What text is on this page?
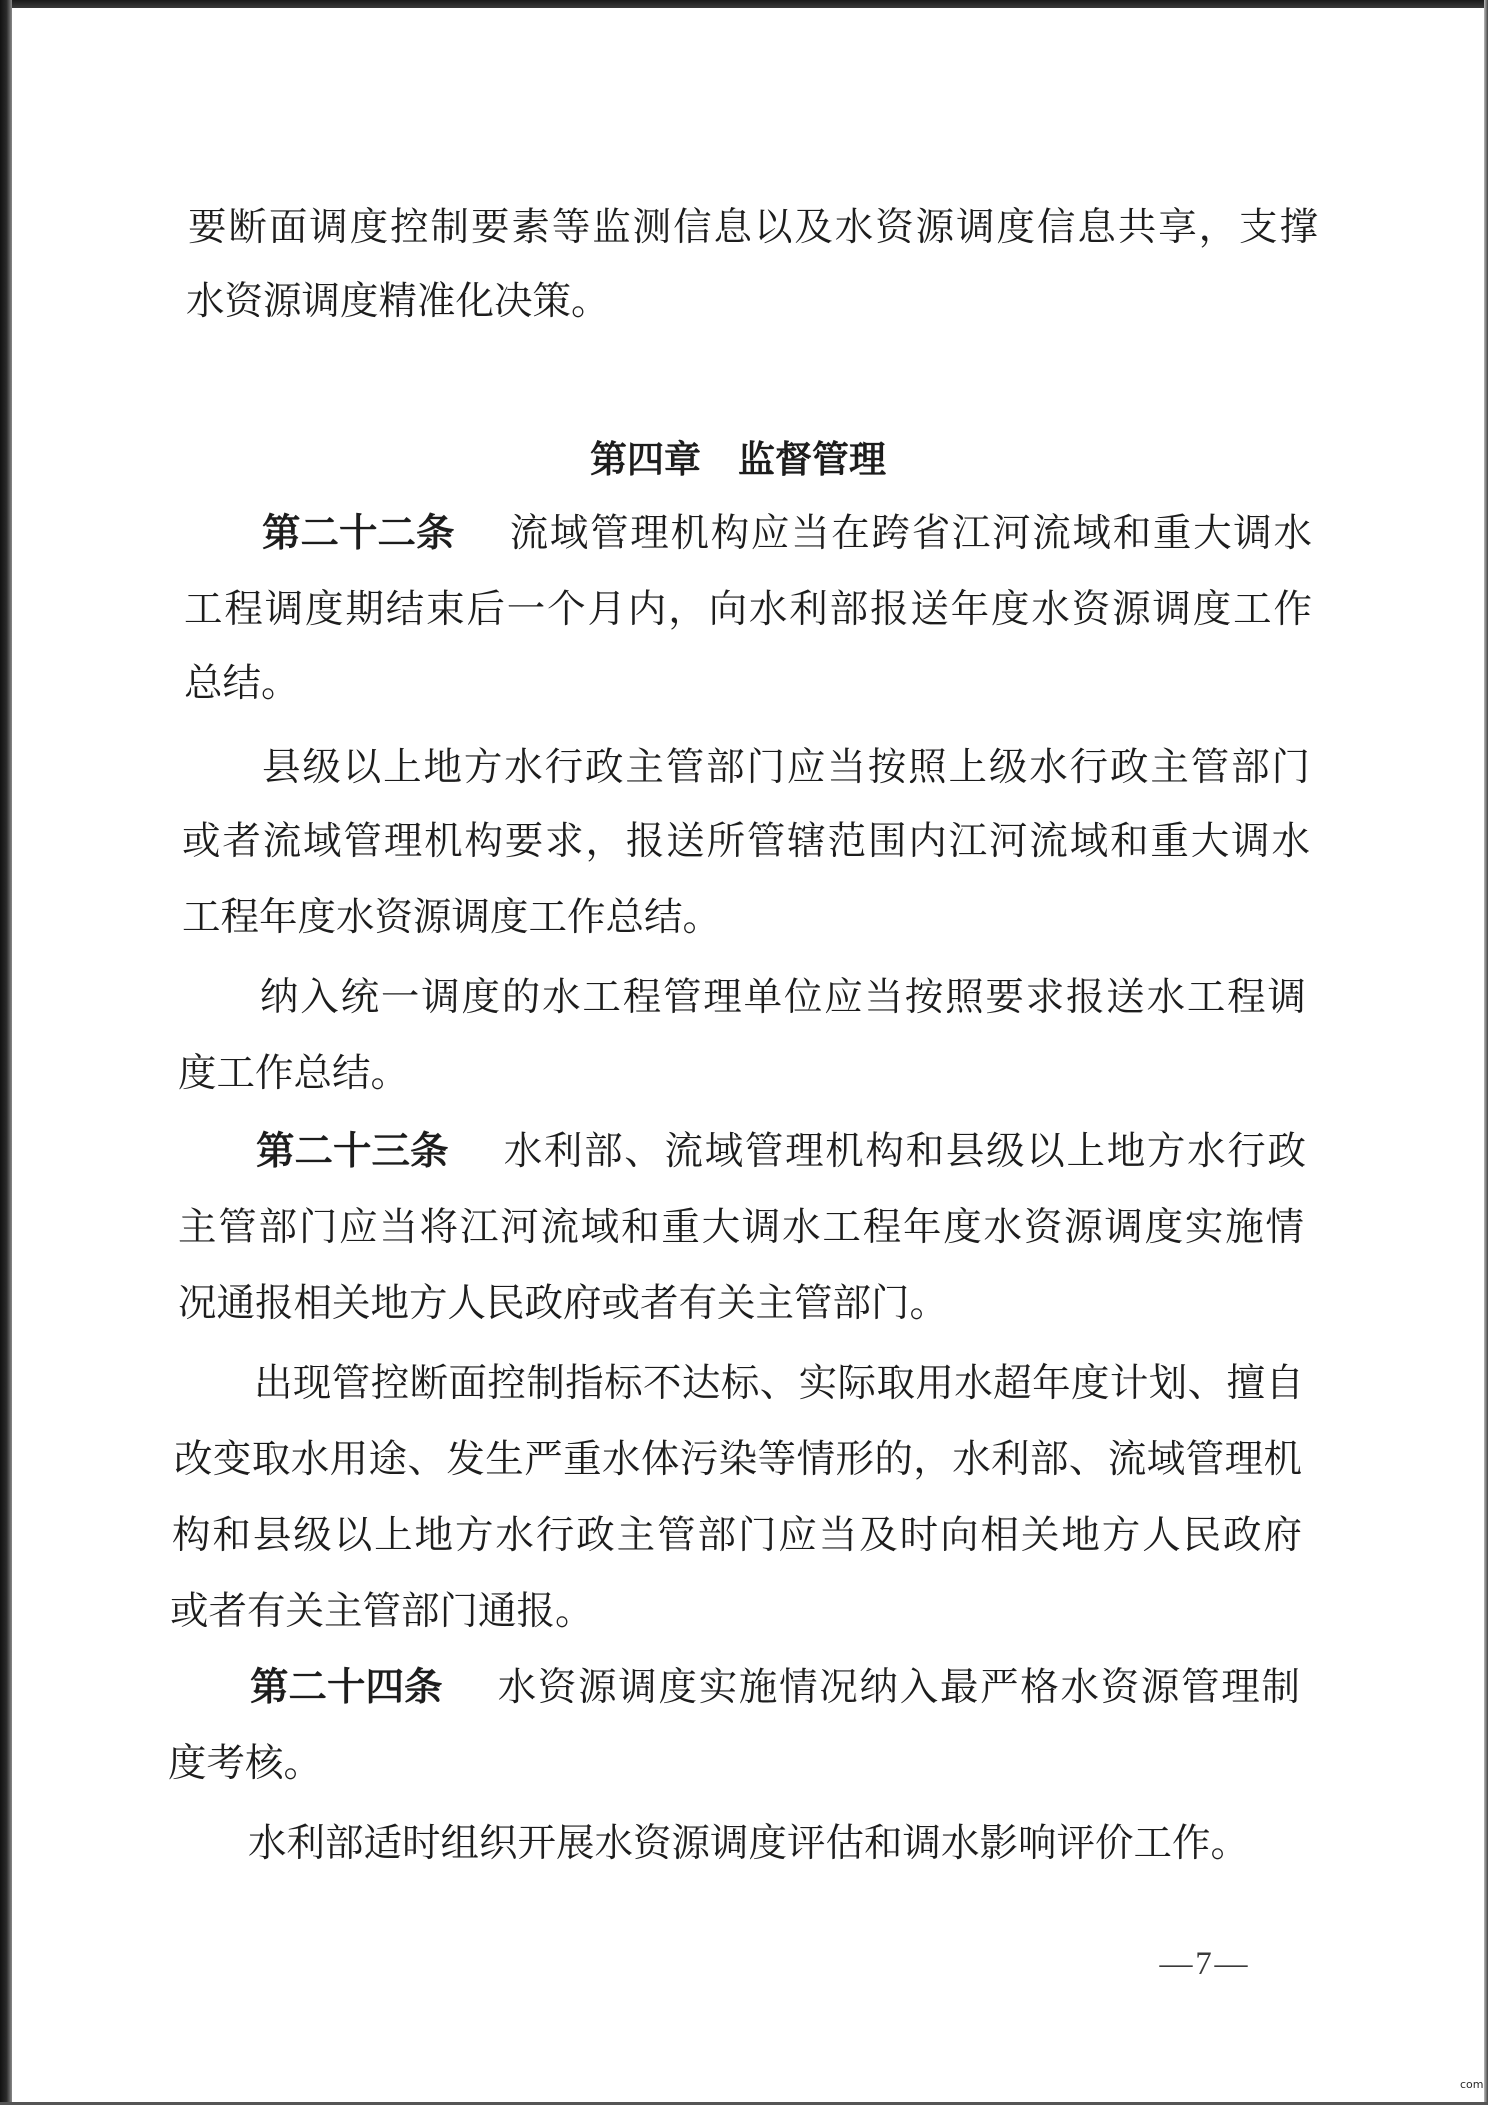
要断面调度控制要素等监测信息以及水资源调度信息共享，支撑
水资源调度精准化决策。
第四章　监督管理
第二十二条 流域管理机构应当在跨省江河流域和重大调水
工程调度期结束后一个月内，向水利部报送年度水资源调度工作
总结。
县级以上地方水行政主管部门应当按照上级水行政主管部门
或者流域管理机构要求，报送所管辖范围内江河流域和重大调水
工程年度水资源调度工作总结。
纳入统一调度的水工程管理单位应当按照要求报送水工程调
度工作总结。
第二十三条 水利部、流域管理机构和县级以上地方水行政
主管部门应当将江河流域和重大调水工程年度水资源调度实施情
况通报相关地方人民政府或者有关主管部门。
出现管控断面控制指标不达标、实际取用水超年度计划、擅自
改变取水用途、发生严重水体污染等情形的，水利部、流域管理机
构和县级以上地方水行政主管部门应当及时向相关地方人民政府
或者有关主管部门通报。
第二十四条 水资源调度实施情况纳入最严格水资源管理制
度考核。
水利部适时组织开展水资源调度评估和调水影响评价工作。

— 7 —

com
